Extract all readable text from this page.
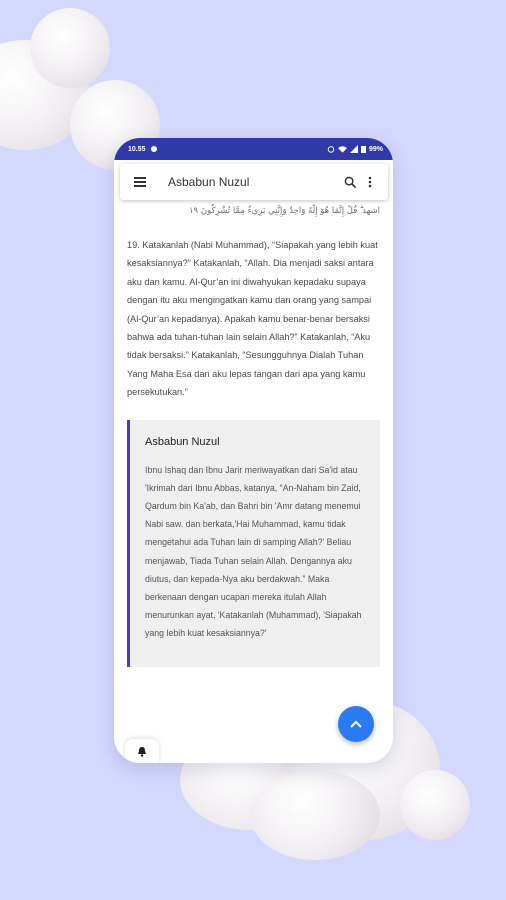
10.55	99%
Asbabun Nuzul
اشهد ۗ قُلْ إِنَّمَا هُوَ إِلَٰهٌ وَاحِدٌ وَإِنَّنِي بَرِيءٌ مِمَّا تُشْرِكُونَ ١٩
19. Katakanlah (Nabi Muhammad), “Siapakah yang lebih kuat kesaksiannya?” Katakanlah, “Allah. Dia menjadi saksi antara aku dan kamu. Al-Qur’an ini diwahyukan kepadaku supaya dengan itu aku mengingatkan kamu dan orang yang sampai (Al-Qur’an kepadanya). Apakah kamu benar-benar bersaksi bahwa ada tuhan-tuhan lain selain Allah?” Katakanlah, “Aku tidak bersaksi.” Katakanlah, “Sesungguhnya Dialah Tuhan Yang Maha Esa dan aku lepas tangan dari apa yang kamu persekutukan.”
Asbabun Nuzul

Ibnu Ishaq dan Ibnu Jarir meriwayatkan dari Sa'id atau 'Ikrimah dari Ibnu Abbas, katanya, “An-Naham bin Zaid, Qardum bin Ka'ab, dan Bahri bin 'Amr datang menemui Nabi saw. dan berkata,'Hai Muhammad, kamu tidak mengetahui ada Tuhan lain di samping Allah?' Beliau menjawab, Tiada Tuhan selain Allah. Dengannya aku diutus, dan kepada-Nya aku berdakwah.” Maka berkenaan dengan ucapan mereka itulah Allah menurunkan ayat, 'Katakanlah (Muhammad), 'Siapakah yang lebih kuat kesaksiannya?'
